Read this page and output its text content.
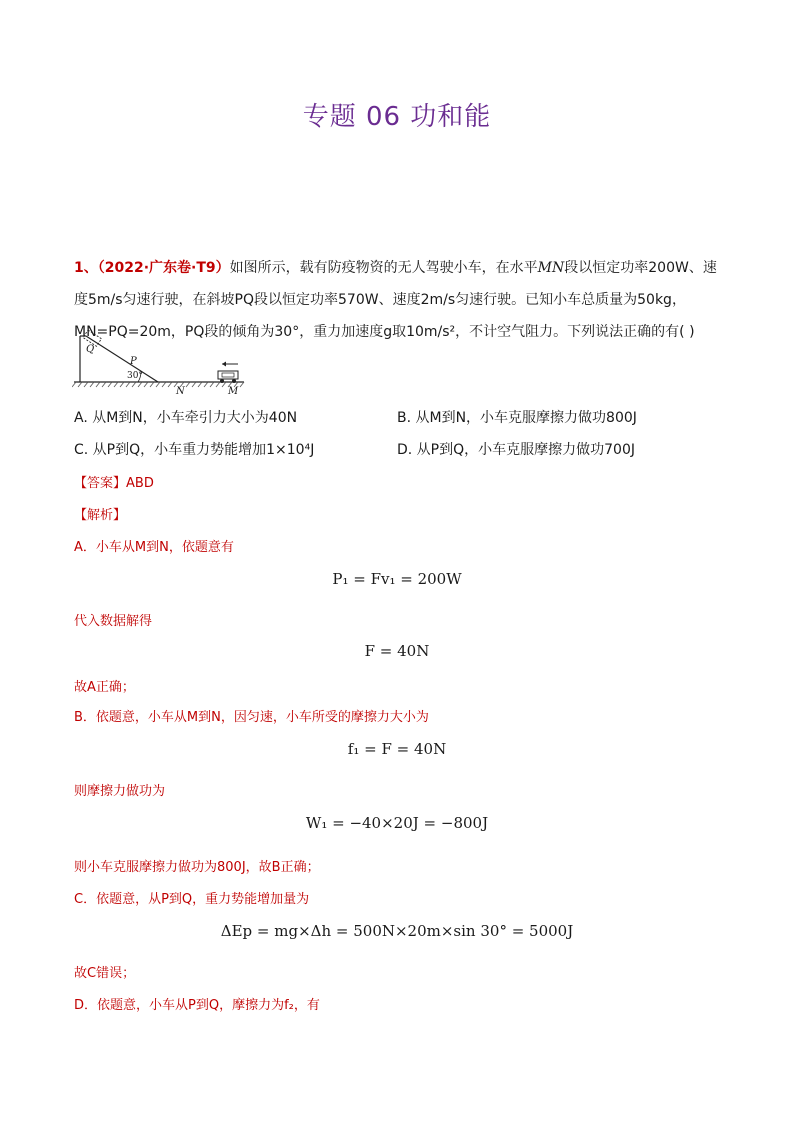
专题 06 功和能
1、（2022·广东卷·T9）如图所示，载有防疫物资的无人驾驶小车，在水平MN段以恒定功率200W、速
度5m/s匀速行驶，在斜坡PQ段以恒定功率570W、速度2m/s匀速行驶。已知小车总质量为50kg，
MN=PQ=20m，PQ段的倾角为30°，重力加速度g取10m/s²，不计空气阻力。下列说法正确的有( )
Q
P
30°
N	M
A. 从M到N，小车牵引力大小为40N	B. 从M到N，小车克服摩擦力做功800J
C. 从P到Q，小车重力势能增加1×10⁴J	D. 从P到Q，小车克服摩擦力做功700J
【答案】ABD
【解析】
A．小车从M到N，依题意有
P₁ = Fv₁ = 200W
代入数据解得
F = 40N
故A正确；
B．依题意，小车从M到N，因匀速，小车所受的摩擦力大小为
f₁ = F = 40N
则摩擦力做功为
W₁ = −40×20J = −800J
则小车克服摩擦力做功为800J，故B正确；
C．依题意，从P到Q，重力势能增加量为
ΔEp = mg×Δh = 500N×20m×sin 30° = 5000J
故C错误；
D．依题意，小车从P到Q，摩擦力为f₂，有
